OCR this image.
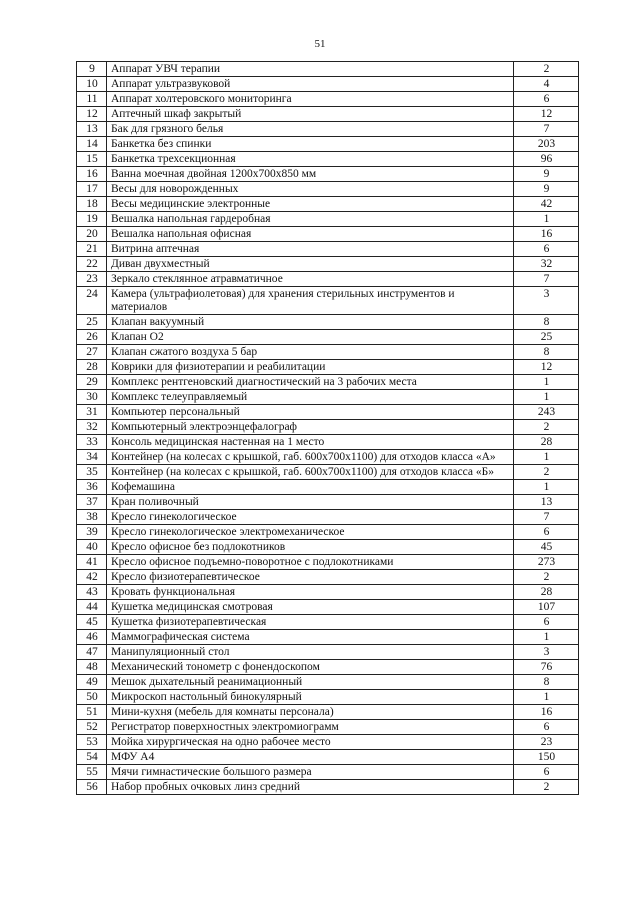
51
9	Аппарат УВЧ терапии	2
10	Аппарат ультразвуковой	4
11	Аппарат холтеровского мониторинга	6
12	Аптечный шкаф закрытый	12
13	Бак для грязного белья	7
14	Банкетка без спинки	203
15	Банкетка трехсекционная	96
16	Ванна моечная двойная 1200х700х850 мм	9
17	Весы для новорожденных	9
18	Весы медицинские электронные	42
19	Вешалка напольная гардеробная	1
20	Вешалка напольная офисная	16
21	Витрина аптечная	6
22	Диван двухместный	32
23	Зеркало стеклянное атравматичное	7
24	Камера (ультрафиолетовая) для хранения стерильных инструментов и материалов	3
25	Клапан вакуумный	8
26	Клапан O2	25
27	Клапан сжатого воздуха 5 бар	8
28	Коврики для физиотерапии и реабилитации	12
29	Комплекс рентгеновский диагностический на 3 рабочих места	1
30	Комплекс телеуправляемый	1
31	Компьютер персональный	243
32	Компьютерный электроэнцефалограф	2
33	Консоль медицинская настенная на 1 место	28
34	Контейнер (на колесах с крышкой, габ. 600х700х1100) для отходов класса «А»	1
35	Контейнер (на колесах с крышкой, габ. 600х700х1100) для отходов класса «Б»	2
36	Кофемашина	1
37	Кран поливочный	13
38	Кресло гинекологическое	7
39	Кресло гинекологическое электромеханическое	6
40	Кресло офисное без подлокотников	45
41	Кресло офисное подъемно-поворотное с подлокотниками	273
42	Кресло физиотерапевтическое	2
43	Кровать функциональная	28
44	Кушетка медицинская смотровая	107
45	Кушетка физиотерапевтическая	6
46	Маммографическая система	1
47	Манипуляционный стол	3
48	Механический тонометр с фонендоскопом	76
49	Мешок дыхательный реанимационный	8
50	Микроскоп настольный бинокулярный	1
51	Мини-кухня (мебель для комнаты персонала)	16
52	Регистратор поверхностных электромиограмм	6
53	Мойка хирургическая на одно рабочее место	23
54	МФУ А4	150
55	Мячи гимнастические большого размера	6
56	Набор пробных очковых линз средний	2
